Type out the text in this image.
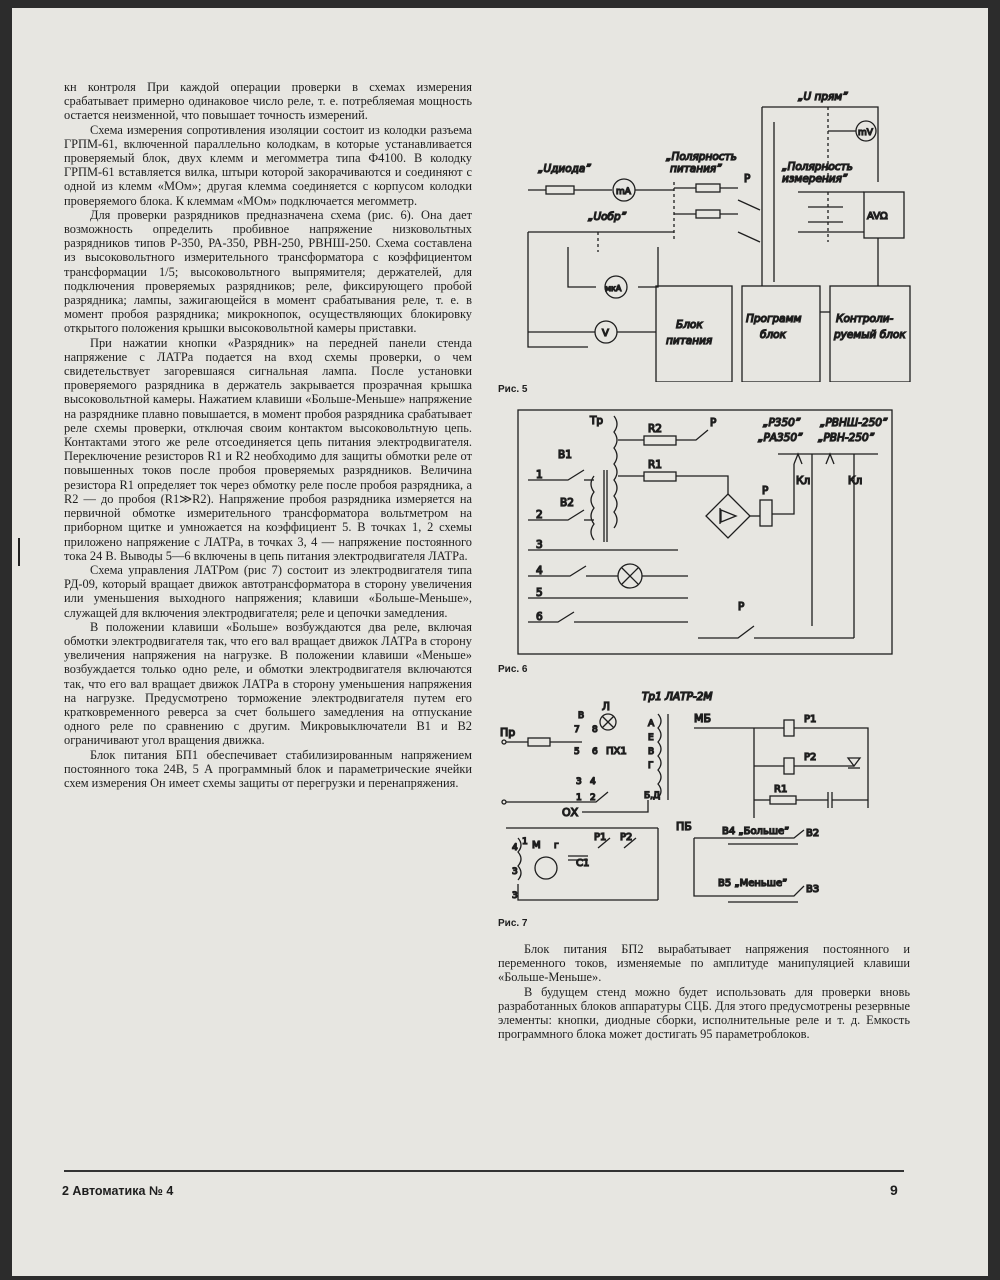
кн контроля При каждой операции проверки в схемах измерения срабатывает примерно одинаковое число реле, т. е. потребляемая мощность остается неизменной, что повышает точность измерений.

Схема измерения сопротивления изоляции состоит из колодки разъема ГРПМ-61, включенной параллельно колодкам, в которые устанавливается проверяемый блок, двух клемм и мегомметра типа Ф4100. В колодку ГРПМ-61 вставляется вилка, штыри которой закорачиваются и соединяют с одной из клемм «МОм»; другая клемма соединяется с корпусом колодки проверяемого блока. К клеммам «МОм» подключается мегомметр.

Для проверки разрядников предназначена схема (рис. 6). Она дает возможность определить пробивное напряжение низковольтных разрядников типов Р-350, РА-350, РВН-250, РВНШ-250. Схема составлена из высоковольтного измерительного трансформатора с коэффициентом трансформации 1/5; высоковольтного выпрямителя; держателей, для подключения проверяемых разрядников; реле, фиксирующего пробой разрядника; лампы, зажигающейся в момент срабатывания реле, т. е. в момент пробоя разрядника; микрокнопок, осуществляющих блокировку открытого положения крышки высоковольтной камеры приставки.

При нажатии кнопки «Разрядник» на передней панели стенда напряжение с ЛАТРа подается на вход схемы проверки, о чем свидетельствует загоревшаяся сигнальная лампа. После установки проверяемого разрядника в держатель закрывается прозрачная крышка высоковольтной камеры. Нажатием клавиши «Больше-Меньше» напряжение на разряднике плавно повышается, в момент пробоя разрядника срабатывает реле схемы проверки, отключая своим контактом высоковольтную цепь. Контактами этого же реле отсоединяется цепь питания электродвигателя. Переключение резисторов R1 и R2 необходимо для защиты обмотки реле от повышенных токов после пробоя проверяемых разрядников. Величина резистора R1 определяет ток через обмотку реле после пробоя разрядника, а R2 — до пробоя (R1≫R2). Напряжение пробоя разрядника измеряется на первичной обмотке измерительного трансформатора вольтметром на приборном щитке и умножается на коэффициент 5. В точках 1, 2 схемы приложено напряжение с ЛАТРа, в точках 3, 4 — напряжение постоянного тока 24 В. Выводы 5—6 включены в цепь питания электродвигателя ЛАТРа.

Схема управления ЛАТРом (рис 7) состоит из электродвигателя типа РД-09, который вращает движок автотрансформатора в сторону увеличения или уменьшения выходного напряжения; клавиши «Больше-Меньше», служащей для включения электродвигателя; реле и цепочки замедления.

В положении клавиши «Больше» возбуждаются два реле, включая обмотки электродвигателя так, что его вал вращает движок ЛАТРа в сторону увеличения напряжения на нагрузке. В положении клавиши «Меньше» возбуждается только одно реле, и обмотки электродвигателя включаются так, что его вал вращает движок ЛАТРа в сторону уменьшения напряжения на нагрузке. Предусмотрено торможение электродвигателя путем его кратковременного реверса за счет большего замедления на отпускание одного реле по сравнению с другим. Микровыключатели В1 и В2 ограничивают угол вращения движка.

Блок питания БП1 обеспечивает стабилизированным напряжением постоянного тока 24В, 5 А программный блок и параметрические ячейки схем измерения Он имеет схемы защиты от перегрузки и перенапряжения.

„U прям”
mV
„Полярность
измерения”
AVΩ
„Uдиода”
mA
„Полярность
питания”
Р
„Uобр”
мкА
V
Блок
питания
Программ
блок
Контроли-
руемый блок
Рис. 5
Тр	„Р350” „РВНШ-250”
„РА350” „РВН-250”
R2
R1
Р
Р
Кл	Кл
1
2
3
4
5
6
В1
В2
Р
Рис. 6
Тр1 ЛАТР-2М
Л
Пр
В
7 8
5 6 ПХ1
А
Е
В
Г
Б,Д
3 4
1 2
ОХ
4
3
3
1 М г
С1
Р1 Р2
МБ	Р1
Р2
R1
ПБ	В4 „Больше” В2
В5 „Меньше”
В3
Рис. 7

Блок питания БП2 вырабатывает напряжения постоянного и переменного токов, изменяемые по амплитуде манипуляцией клавиши «Больше-Меньше».

В будущем стенд можно будет использовать для проверки вновь разработанных блоков аппаратуры СЦБ. Для этого предусмотрены резервные элементы: кнопки, диодные сборки, исполнительные реле и т. д. Емкость программного блока может достигать 95 параметроблоков.

2 Автоматика № 4	9
